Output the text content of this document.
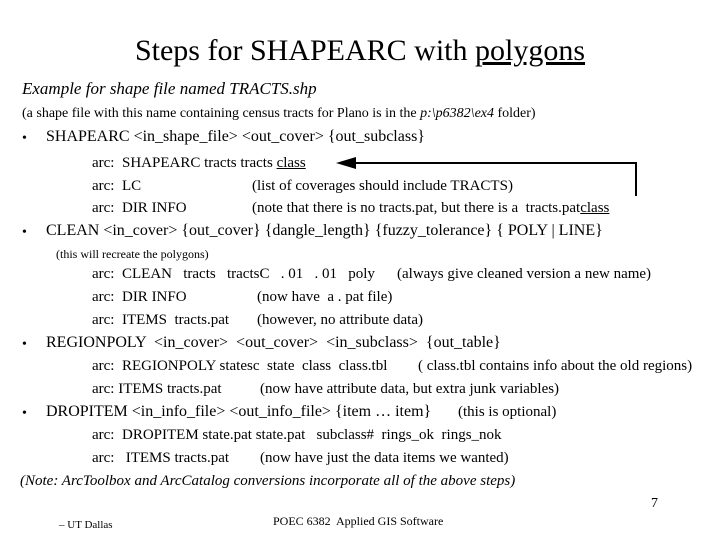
Steps for SHAPEARC with polygons
Example for shape file named TRACTS.shp
(a shape file with this name containing census tracts for Plano is in the p:\p6382\ex4 folder)
• SHAPEARC <in_shape_file> <out_cover> {out_subclass}
arc: SHAPEARC tracts tracts class
arc: LC	(list of coverages should include TRACTS)
arc: DIR INFO	(note that there is no tracts.pat, but there is a  tracts.patclass
• CLEAN <in_cover> {out_cover} {dangle_length} {fuzzy_tolerance} { POLY | LINE}
(this will recreate the polygons)
arc: CLEAN   tracts   tractsC   . 01   . 01   poly (always give cleaned version a new name)
arc: DIR INFO	(now have  a . pat file)
arc: ITEMS  tracts.pat (however, no attribute data)
• REGIONPOLY  <in_cover>  <out_cover>  <in_subclass>  {out_table}
arc: REGIONPOLY statesc  state  class  class.tbl ( class.tbl contains info about the old regions)
arc: ITEMS tracts.pat	(now have attribute data, but extra junk variables)
• DROPITEM <in_info_file> <out_info_file> {item … item} (this is optional)
arc: DROPITEM state.pat state.pat   subclass#  rings_ok  rings_nok
arc:   ITEMS tracts.pat (now have just the data items we wanted)
(Note: ArcToolbox and ArcCatalog conversions incorporate all of the above steps)
7
– UT Dallas	POEC 6382  Applied GIS Software
